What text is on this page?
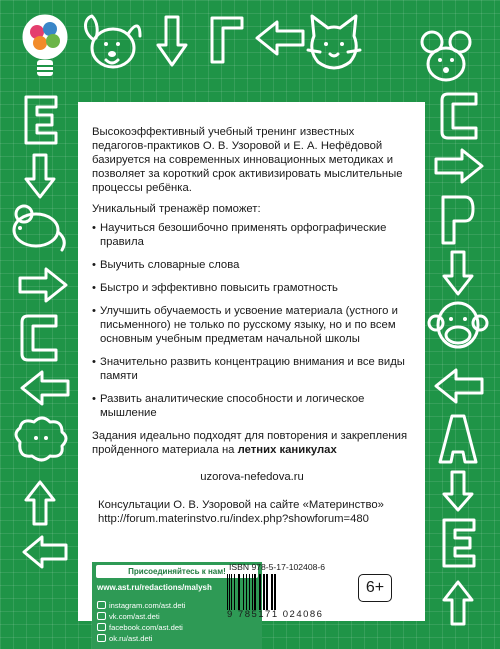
Высокоэффективный учебный тренинг известных педагогов-практиков О. В. Узоровой и Е. А. Нефёдовой базируется на современных инновационных методиках и позволяет за короткий срок активизировать мыслительные процессы ребёнка.

Уникальный тренажёр поможет:

• Научиться безошибочно применять орфографические правила
• Выучить словарные слова
• Быстро и эффективно повысить грамотность
• Улучшить обучаемость и усвоение материала (устного и письменного) не только по русскому языку, но и по всем основным учебным предметам начальной школы
• Значительно развить концентрацию внимания и все виды памяти
• Развить аналитические способности и логическое мышление

Задания идеально подходят для повторения и закрепления пройденного материала на летних каникулах

uzorova-nefedova.ru

Консультации О. В. Узоровой на сайте «Материнство»
http://forum.materinstvo.ru/index.php?showforum=480
Присоединяйтесь к нам!
www.ast.ru/redactions/malysh
instagram.com/ast.deti
vk.com/ast.deti
facebook.com/ast.deti
ok.ru/ast.deti
ISBN 978-5-17-102408-6
9 785171 024086
6+
